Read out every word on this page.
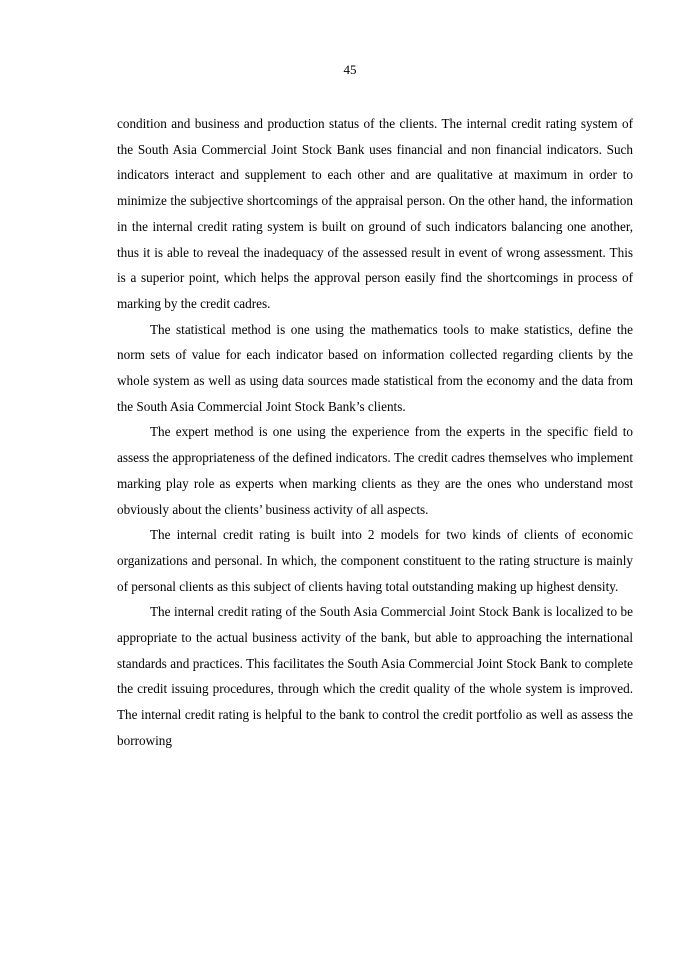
45

condition and business and production status of the clients. The internal credit rating system of the South Asia Commercial Joint Stock Bank uses financial and non financial indicators. Such indicators interact and supplement to each other and are qualitative at maximum in order to minimize the subjective shortcomings of the appraisal person. On the other hand, the information in the internal credit rating system is built on ground of such indicators balancing one another, thus it is able to reveal the inadequacy of the assessed result in event of wrong assessment. This is a superior point, which helps the approval person easily find the shortcomings in process of marking by the credit cadres.

The statistical method is one using the mathematics tools to make statistics, define the norm sets of value for each indicator based on information collected regarding clients by the whole system as well as using data sources made statistical from the economy and the data from the South Asia Commercial Joint Stock Bank’s clients.

The expert method is one using the experience from the experts in the specific field to assess the appropriateness of the defined indicators. The credit cadres themselves who implement marking play role as experts when marking clients as they are the ones who understand most obviously about the clients’ business activity of all aspects.

The internal credit rating is built into 2 models for two kinds of clients of economic organizations and personal. In which, the component constituent to the rating structure is mainly of personal clients as this subject of clients having total outstanding making up highest density.

The internal credit rating of the South Asia Commercial Joint Stock Bank is localized to be appropriate to the actual business activity of the bank, but able to approaching the international standards and practices. This facilitates the South Asia Commercial Joint Stock Bank to complete the credit issuing procedures, through which the credit quality of the whole system is improved. The internal credit rating is helpful to the bank to control the credit portfolio as well as assess the borrowing
